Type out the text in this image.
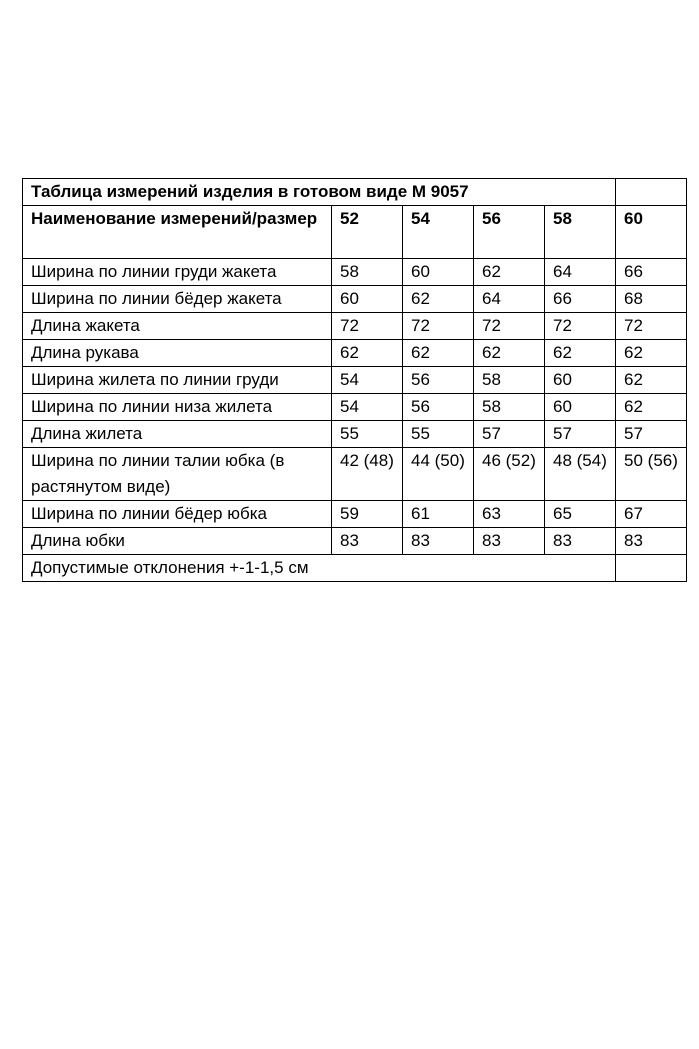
Таблица измерений изделия в готовом виде М 9057					
Наименование измерений/размер	52	54	56	58	60
Ширина по линии груди жакета	58	60	62	64	66
Ширина по линии бёдер жакета	60	62	64	66	68
Длина жакета	72	72	72	72	72
Длина рукава	62	62	62	62	62
Ширина жилета по линии груди	54	56	58	60	62
Ширина по линии низа жилета	54	56	58	60	62
Длина жилета	55	55	57	57	57
Ширина по линии талии юбка (в растянутом виде)	42 (48)	44 (50)	46 (52)	48 (54)	50 (56)
Ширина по линии бёдер юбка	59	61	63	65	67
Длина юбки	83	83	83	83	83
Допустимые отклонения +-1-1,5 см					
